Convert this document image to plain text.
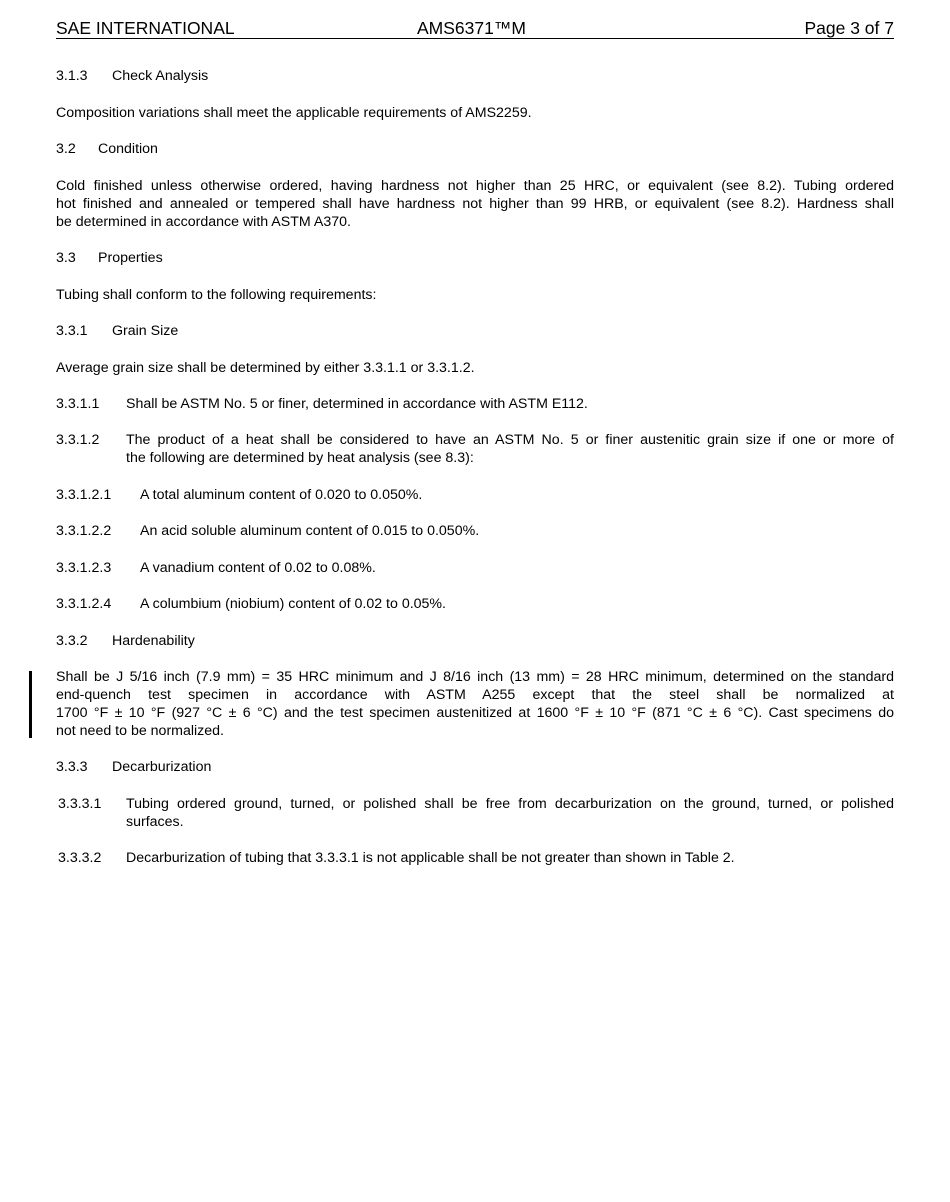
SAE INTERNATIONAL	AMS6371™M	Page 3 of 7
3.1.3 Check Analysis
Composition variations shall meet the applicable requirements of AMS2259.
3.2 Condition
Cold finished unless otherwise ordered, having hardness not higher than 25 HRC, or equivalent (see 8.2). Tubing ordered
hot finished and annealed or tempered shall have hardness not higher than 99 HRB, or equivalent (see 8.2). Hardness shall
be determined in accordance with ASTM A370.
3.3 Properties
Tubing shall conform to the following requirements:
3.3.1 Grain Size
Average grain size shall be determined by either 3.3.1.1 or 3.3.1.2.
3.3.1.1 Shall be ASTM No. 5 or finer, determined in accordance with ASTM E112.
3.3.1.2 The product of a heat shall be considered to have an ASTM No. 5 or finer austenitic grain size if one or more of
the following are determined by heat analysis (see 8.3):
3.3.1.2.1 A total aluminum content of 0.020 to 0.050%.
3.3.1.2.2 An acid soluble aluminum content of 0.015 to 0.050%.
3.3.1.2.3 A vanadium content of 0.02 to 0.08%.
3.3.1.2.4 A columbium (niobium) content of 0.02 to 0.05%.
3.3.2 Hardenability
Shall be J 5/16 inch (7.9 mm) = 35 HRC minimum and J 8/16 inch (13 mm) = 28 HRC minimum, determined on the standard
end-quench test specimen in accordance with ASTM A255 except that the steel shall be normalized at
1700 °F ± 10 °F (927 °C ± 6 °C) and the test specimen austenitized at 1600 °F ± 10 °F (871 °C ± 6 °C). Cast specimens do
not need to be normalized.
3.3.3 Decarburization
3.3.3.1 Tubing ordered ground, turned, or polished shall be free from decarburization on the ground, turned, or polished
surfaces.
3.3.3.2 Decarburization of tubing that 3.3.3.1 is not applicable shall be not greater than shown in Table 2.
